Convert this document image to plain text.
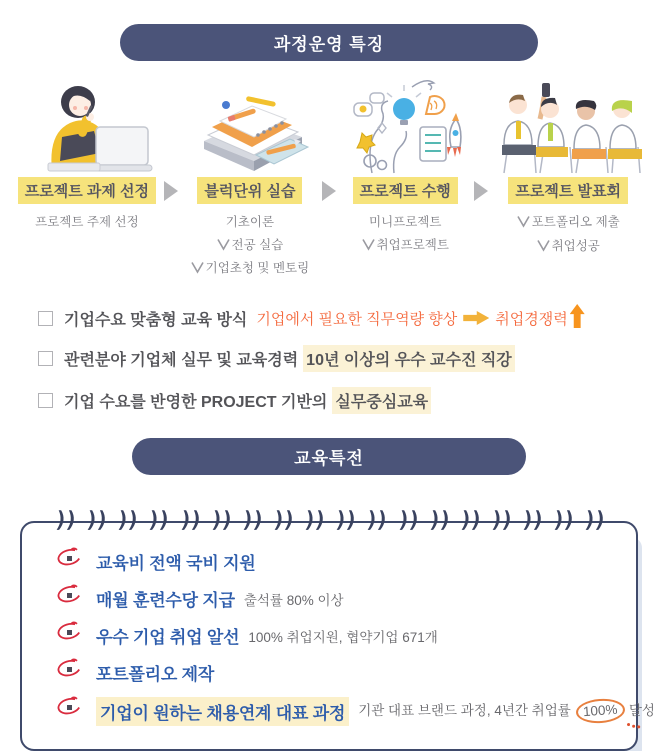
과정운영 특징
프로젝트 과제 선정
프로젝트 주제 선정
블럭단위 실습
기초이론
전공 실습
기업초청 및 멘토링
프로젝트 수행
미니프로젝트
취업프로젝트
프로젝트 발표회
포트폴리오 제출
취업성공
기업수요 맞춤형 교육 방식 기업에서 필요한 직무역량 향상	취업경쟁력
관련분야 기업체 실무 및 교육경력 10년 이상의 우수 교수진 직강
기업 수요를 반영한 PROJECT 기반의 실무중심교육
교육특전
))
))
))
))
))
))
))
))
))
))
))
))
))
))
))
))
))
))
교육비 전액 국비 지원
매월 훈련수당 지급 출석률 80% 이상
우수 기업 취업 알선 100% 취업지원, 협약기업 671개
포트폴리오 제작
기업이 원하는 채용연계 대표 과정 기관 대표 브랜드 과정, 4년간 취업률 100% 달성
